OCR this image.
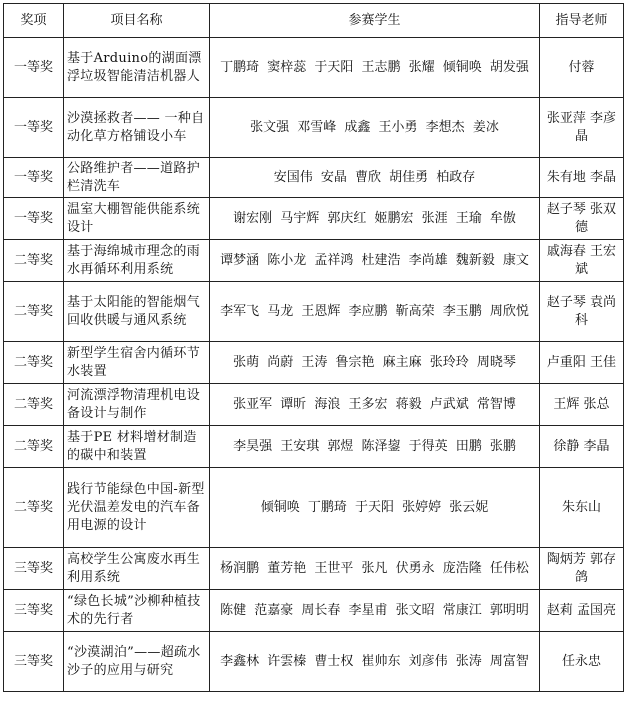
奖项	项目名称	参赛学生	指导老师
一等奖	基于Arduino的湖面漂浮垃圾智能清洁机器人	丁鹏琦 窦梓蕊 于天阳 王志鹏 张耀 倾铜唤 胡发强	付蓉
一等奖	沙漠拯救者—— 一种自动化草方格铺设小车	张文强 邓雪峰 成鑫 王小勇 李想杰 姜冰	张亚萍 李彦晶
一等奖	公路维护者——道路护栏清洗车	安国伟 安晶 曹欣 胡佳勇 柏政存	朱有地 李晶
一等奖	温室大棚智能供能系统设计	谢宏刚 马宇辉 郭庆红 姬鹏宏 张涯 王瑜 牟傲	赵子琴 张双德
二等奖	基于海绵城市理念的雨水再循环利用系统	谭梦涵 陈小龙 孟祥鸿 杜建浩 李尚雄 魏新毅 康文	戚海春 王宏斌
二等奖	基于太阳能的智能烟气回收供暖与通风系统	李军飞 马龙 王恩辉 李应鹏 靳高荣 李玉鹏 周欣悦	赵子琴 袁尚科
二等奖	新型学生宿舍内循环节水装置	张萌 尚蔚 王涛 鲁宗艳 麻主麻 张玲玲 周晓琴	卢重阳 王佳
二等奖	河流漂浮物清理机电设备设计与制作	张亚军 谭昕 海浪 王多宏 蒋毅 卢武斌 常智博	王辉 张总
二等奖	基于PE 材料增材制造的碳中和装置	李昊强 王安琪 郭煜 陈泽鋆 于得英 田鹏 张鹏	徐静 李晶
二等奖	践行节能绿色中国-新型光伏温差发电的汽车备用电源的设计	倾铜唤 丁鹏琦 于天阳 张婷婷 张云妮	朱东山
三等奖	高校学生公寓废水再生利用系统	杨润鹏 董芳艳 王世平 张凡 伏勇永 庞浩隆 任伟松	陶炳芳 郭存鸽
三等奖	“绿色长城”沙柳种植技术的先行者	陈健 范嘉豪 周长春 李星甫 张文昭 常康江 郭明明	赵莉 孟国亮
三等奖	“沙漠湖泊”——超疏水沙子的应用与研究	李鑫林 许雲榛 曹士权 崔帅东 刘彦伟 张涛 周富智	任永忠
